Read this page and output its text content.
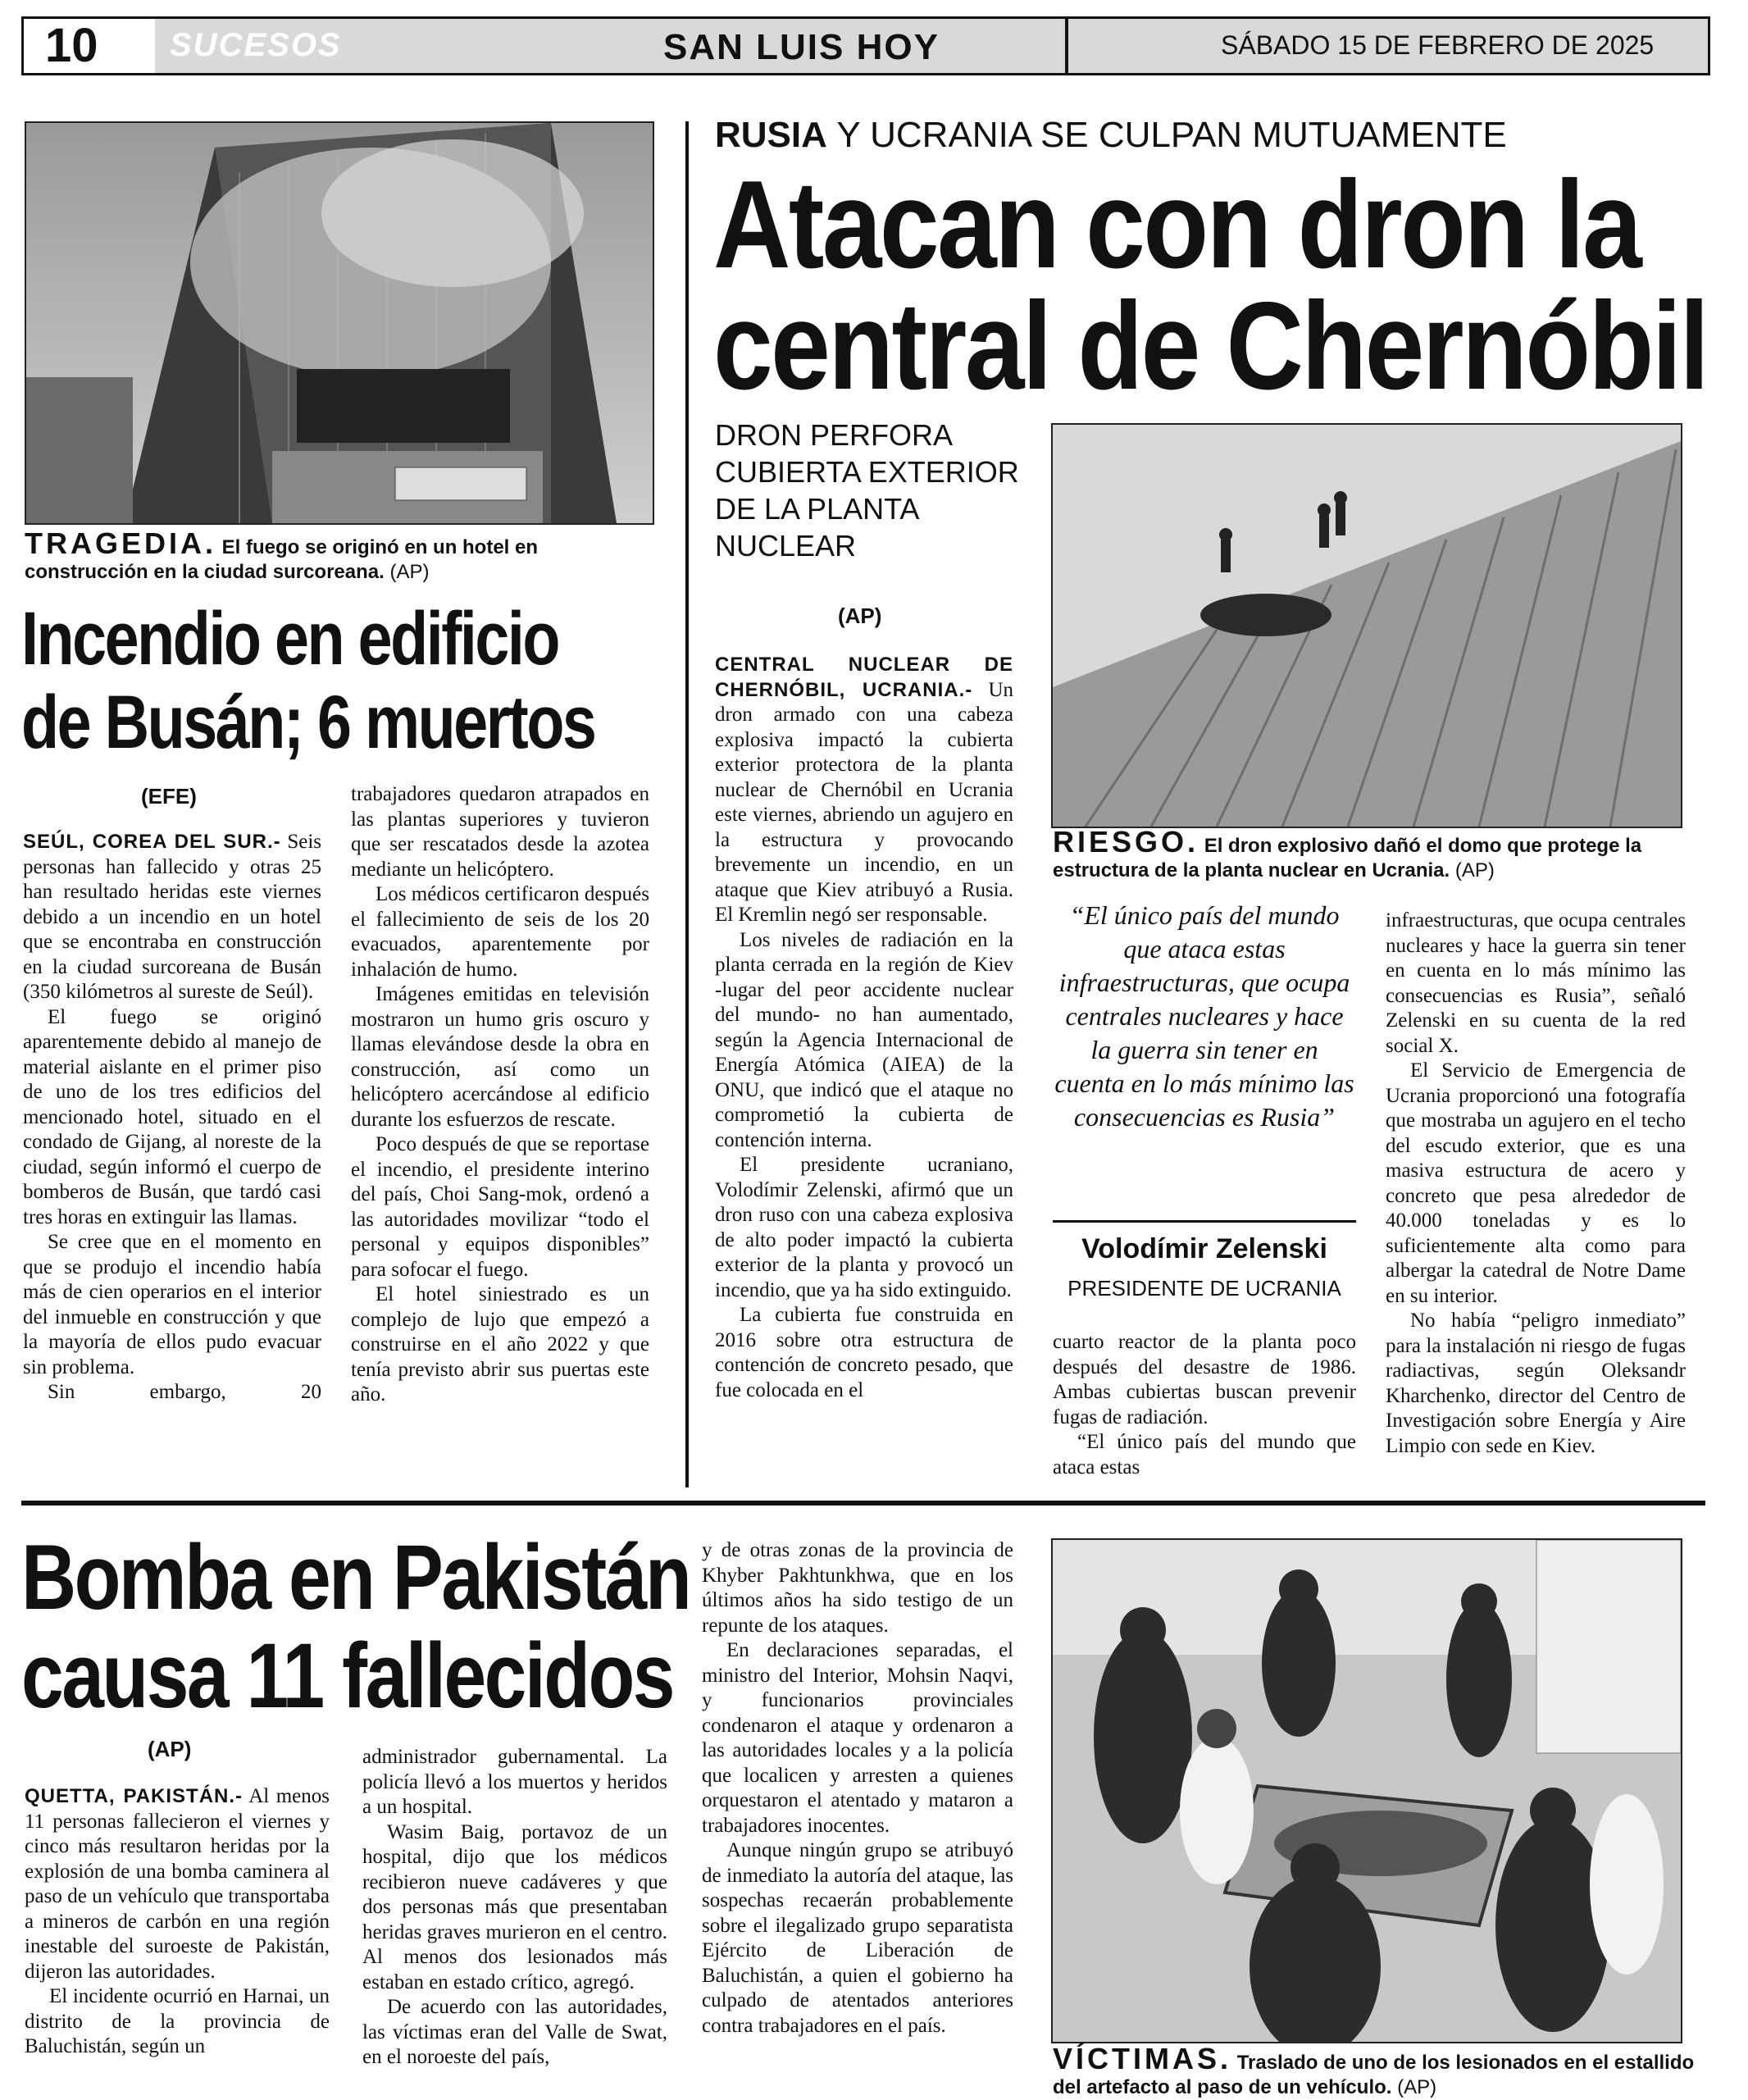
10	SUCESOS	SAN LUIS HOY	SÁBADO 15 DE FEBRERO DE 2025
TRAGEDIA. El fuego se originó en un hotel en construcción en la ciudad surcoreana. (AP)
Incendio en edificio
de Busán; 6 muertos
(EFE)

SEÚL, COREA DEL SUR.- Seis personas han fallecido y otras 25 han resultado heridas este viernes debido a un incendio en un hotel que se encontraba en construcción en la ciudad surcoreana de Busán (350 kilómetros al sureste de Seúl).

El fuego se originó aparentemente debido al manejo de material aislante en el primer piso de uno de los tres edificios del mencionado hotel, situado en el condado de Gijang, al noreste de la ciudad, según informó el cuerpo de bomberos de Busán, que tardó casi tres horas en extinguir las llamas.

Se cree que en el momento en que se produjo el incendio había más de cien operarios en el interior del inmueble en construcción y que la mayoría de ellos pudo evacuar sin problema.

Sin embargo, 20

trabajadores quedaron atrapados en las plantas superiores y tuvieron que ser rescatados desde la azotea mediante un helicóptero.

Los médicos certificaron después el fallecimiento de seis de los 20 evacuados, aparentemente por inhalación de humo.

Imágenes emitidas en televisión mostraron un humo gris oscuro y llamas elevándose desde la obra en construcción, así como un helicóptero acercándose al edificio durante los esfuerzos de rescate.

Poco después de que se reportase el incendio, el presidente interino del país, Choi Sang-mok, ordenó a las autoridades movilizar “todo el personal y equipos disponibles” para sofocar el fuego.

El hotel siniestrado es un complejo de lujo que empezó a construirse en el año 2022 y que tenía previsto abrir sus puertas este año.

RUSIA Y UCRANIA SE CULPAN MUTUAMENTE
Atacan con dron la
central de Chernóbil
DRON PERFORA CUBIERTA EXTERIOR DE LA PLANTA NUCLEAR
(AP)

CENTRAL NUCLEAR DE CHERNÓBIL, UCRANIA.- Un dron armado con una cabeza explosiva impactó la cubierta exterior protectora de la planta nuclear de Chernóbil en Ucrania este viernes, abriendo un agujero en la estructura y provocando brevemente un incendio, en un ataque que Kiev atribuyó a Rusia. El Kremlin negó ser responsable.

Los niveles de radiación en la planta cerrada en la región de Kiev -lugar del peor accidente nuclear del mundo- no han aumentado, según la Agencia Internacional de Energía Atómica (AIEA) de la ONU, que indicó que el ataque no comprometió la cubierta de contención interna.

El presidente ucraniano, Volodímir Zelenski, afirmó que un dron ruso con una cabeza explosiva de alto poder impactó la cubierta exterior de la planta y provocó un incendio, que ya ha sido extinguido.

La cubierta fue construida en 2016 sobre otra estructura de contención de concreto pesado, que fue colocada en el

RIESGO. El dron explosivo dañó el domo que protege la estructura de la planta nuclear en Ucrania. (AP)
“El único país del mundo que ataca estas infraestructuras, que ocupa centrales nucleares y hace la guerra sin tener en cuenta en lo más mínimo las consecuencias es Rusia”
Volodímir Zelenski
PRESIDENTE DE UCRANIA

cuarto reactor de la planta poco después del desastre de 1986. Ambas cubiertas buscan prevenir fugas de radiación.

“El único país del mundo que ataca estas

infraestructuras, que ocupa centrales nucleares y hace la guerra sin tener en cuenta en lo más mínimo las consecuencias es Rusia”, señaló Zelenski en su cuenta de la red social X.

El Servicio de Emergencia de Ucrania proporcionó una fotografía que mostraba un agujero en el techo del escudo exterior, que es una masiva estructura de acero y concreto que pesa alrededor de 40.000 toneladas y es lo suficientemente alta como para albergar la catedral de Notre Dame en su interior.

No había “peligro inmediato” para la instalación ni riesgo de fugas radiactivas, según Oleksandr Kharchenko, director del Centro de Investigación sobre Energía y Aire Limpio con sede en Kiev.

Bomba en Pakistán
causa 11 fallecidos
(AP)

QUETTA, PAKISTÁN.- Al menos 11 personas fallecieron el viernes y cinco más resultaron heridas por la explosión de una bomba caminera al paso de un vehículo que transportaba a mineros de carbón en una región inestable del suroeste de Pakistán, dijeron las autoridades.

El incidente ocurrió en Harnai, un distrito de la provincia de Baluchistán, según un

administrador gubernamental. La policía llevó a los muertos y heridos a un hospital.

Wasim Baig, portavoz de un hospital, dijo que los médicos recibieron nueve cadáveres y que dos personas más que presentaban heridas graves murieron en el centro. Al menos dos lesionados más estaban en estado crítico, agregó.

De acuerdo con las autoridades, las víctimas eran del Valle de Swat, en el noroeste del país,

y de otras zonas de la provincia de Khyber Pakhtunkhwa, que en los últimos años ha sido testigo de un repunte de los ataques.

En declaraciones separadas, el ministro del Interior, Mohsin Naqvi, y funcionarios provinciales condenaron el ataque y ordenaron a las autoridades locales y a la policía que localicen y arresten a quienes orquestaron el atentado y mataron a trabajadores inocentes.

Aunque ningún grupo se atribuyó de inmediato la autoría del ataque, las sospechas recaerán probablemente sobre el ilegalizado grupo separatista Ejército de Liberación de Baluchistán, a quien el gobierno ha culpado de atentados anteriores contra trabajadores en el país.

VÍCTIMAS. Traslado de uno de los lesionados en el estallido del artefacto al paso de un vehículo. (AP)
